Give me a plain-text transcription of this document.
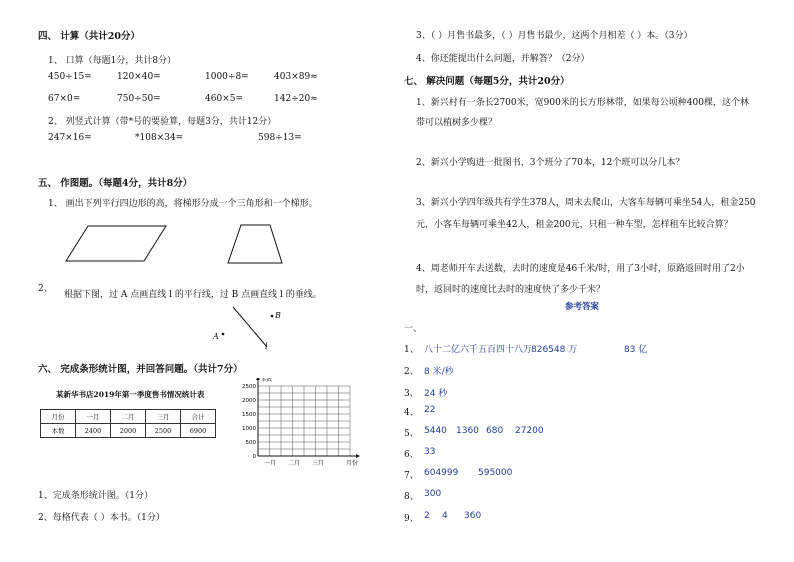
四、 计算（共计20分）
1、 口算（每题1分，共计8分）
450÷15=	120×40=	1000÷8=	403×89≈
67×0=	750÷50=	460×5=	142÷20≈
2、 列竖式计算（带*号的要验算，每题3分，共计12分）
247×16=	*108×34=	598÷13=
五、 作图题。（每题4分，共计8分）
1、 画出下列平行四边形的高，将梯形分成一个三角形和一个梯形。
2、
根据下图，过 A 点画直线 l 的平行线，过 B 点画直线 l 的垂线。
A
B
l
六、 完成条形统计图，并回答问题。（共计7分）
某新华书店2019年第一季度售书情况统计表
月份	一月	二月	三月	合计
本数	2400	2000	2500	6900
2500
2000
1500
1000
500
0
本数
一月 二月 三月	月份
1、完成条形统计图。（1分）
2、每格代表（ ）本书。（1分）
3、（ ）月售书最多，（ ）月售书最少，这两个月相差（ ）本。（3分）
4、你还能提出什么问题，并解答？（2分）
七、 解决问题（每题5分，共计20分）
1、新兴村有一条长2700米，宽900米的长方形林带，如果每公顷种400棵，这个林
带可以植树多少棵？
2、新兴小学购进一批图书，3个班分了70本，12个班可以分几本？
3、新兴小学四年级共有学生378人，周末去爬山，大客车每辆可乘坐54人，租金250
元，小客车每辆可乘坐42人，租金200元，只租一种车型，怎样租车比较合算？
4、周老师开车去送数，去时的速度是46千米/时，用了3小时，原路返回时用了2小
时，返回时的速度比去时的速度快了多少千米？
参考答案
一、
1、 八十二亿六千五百四十八万
826548 万	83 亿
2、 8 米/秒
3、 24 秒
4、 22
5、 5440 1360 680 27200
6、 33
7、 604999 595000
8、 300
9、 2 4 360
